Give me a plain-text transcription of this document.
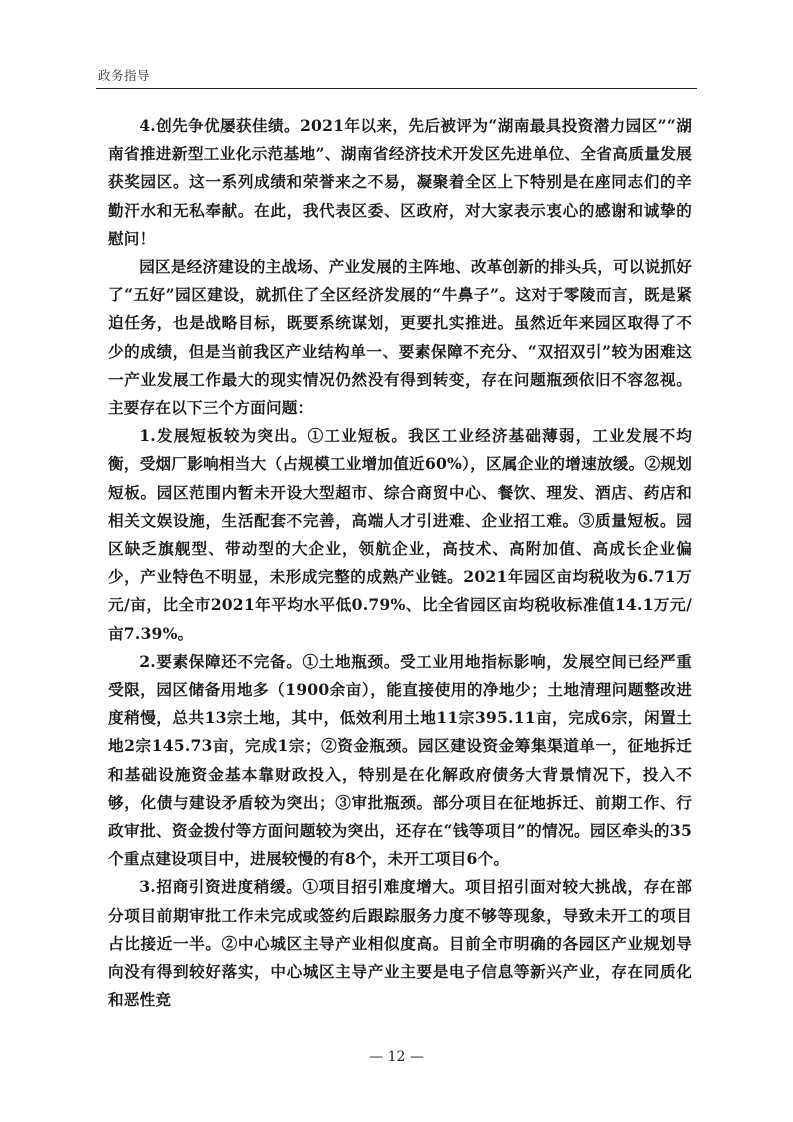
政务指导

4.创先争优屡获佳绩。2021年以来，先后被评为“湖南最具投资潜力园区”“湖南省推进新型工业化示范基地”、湖南省经济技术开发区先进单位、全省高质量发展获奖园区。这一系列成绩和荣誉来之不易，凝聚着全区上下特别是在座同志们的辛勤汗水和无私奉献。在此，我代表区委、区政府，对大家表示衷心的感谢和诚挚的慰问！

园区是经济建设的主战场、产业发展的主阵地、改革创新的排头兵，可以说抓好了“五好”园区建设，就抓住了全区经济发展的“牛鼻子”。这对于零陵而言，既是紧迫任务，也是战略目标，既要系统谋划，更要扎实推进。虽然近年来园区取得了不少的成绩，但是当前我区产业结构单一、要素保障不充分、“双招双引”较为困难这一产业发展工作最大的现实情况仍然没有得到转变，存在问题瓶颈依旧不容忽视。主要存在以下三个方面问题：

1.发展短板较为突出。①工业短板。我区工业经济基础薄弱，工业发展不均衡，受烟厂影响相当大（占规模工业增加值近60%），区属企业的增速放缓。②规划短板。园区范围内暂未开设大型超市、综合商贸中心、餐饮、理发、酒店、药店和相关文娱设施，生活配套不完善，高端人才引进难、企业招工难。③质量短板。园区缺乏旗舰型、带动型的大企业，领航企业，高技术、高附加值、高成长企业偏少，产业特色不明显，未形成完整的成熟产业链。2021年园区亩均税收为6.71万元/亩，比全市2021年平均水平低0.79%、比全省园区亩均税收标准值14.1万元/亩7.39%。

2.要素保障还不完备。①土地瓶颈。受工业用地指标影响，发展空间已经严重受限，园区储备用地多（1900余亩），能直接使用的净地少；土地清理问题整改进度稍慢，总共13宗土地，其中，低效利用土地11宗395.11亩，完成6宗，闲置土地2宗145.73亩，完成1宗；②资金瓶颈。园区建设资金筹集渠道单一，征地拆迁和基础设施资金基本靠财政投入，特别是在化解政府债务大背景情况下，投入不够，化债与建设矛盾较为突出；③审批瓶颈。部分项目在征地拆迁、前期工作、行政审批、资金拨付等方面问题较为突出，还存在“钱等项目”的情况。园区牵头的35个重点建设项目中，进展较慢的有8个，未开工项目6个。

3.招商引资进度稍缓。①项目招引难度增大。项目招引面对较大挑战，存在部分项目前期审批工作未完成或签约后跟踪服务力度不够等现象，导致未开工的项目占比接近一半。②中心城区主导产业相似度高。目前全市明确的各园区产业规划导向没有得到较好落实，中心城区主导产业主要是电子信息等新兴产业，存在同质化和恶性竞

— 12 —
